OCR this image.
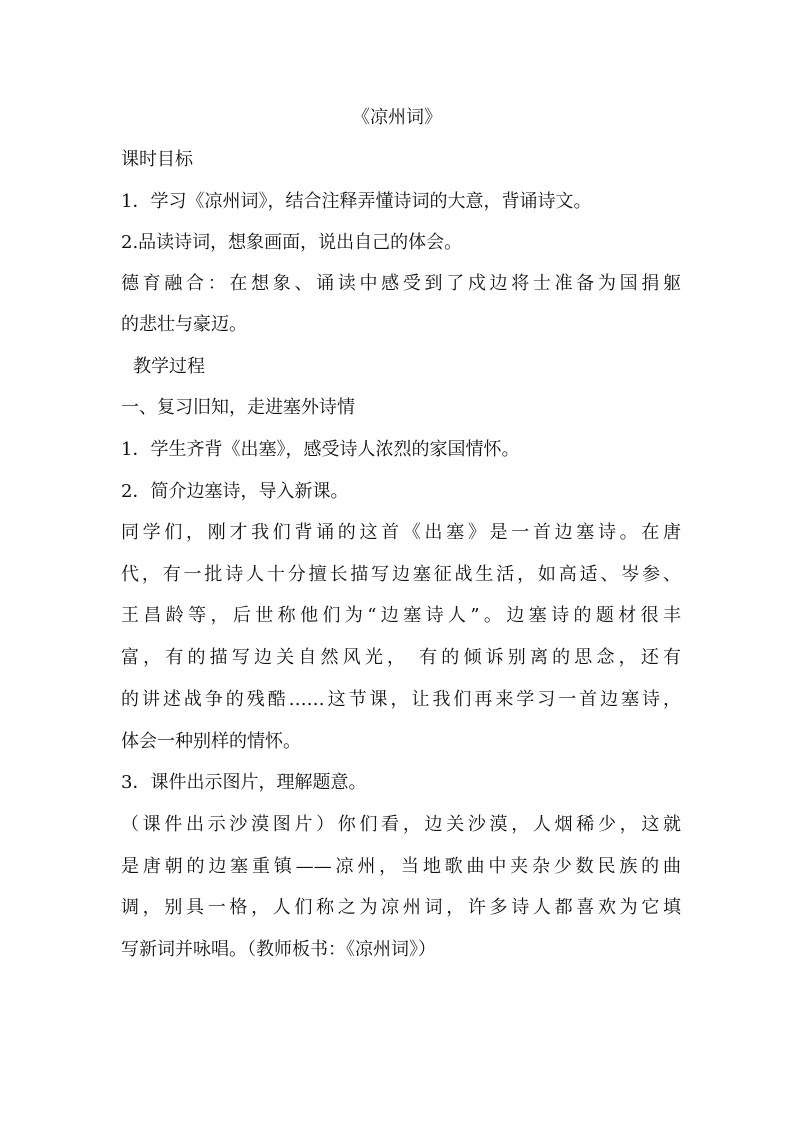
《凉州词》
课时目标
1．学习《凉州词》，结合注释弄懂诗词的大意，背诵诗文。
2.品读诗词，想象画面，说出自己的体会。
德育融合：在想象、诵读中感受到了戍边将士准备为国捐躯
的悲壮与豪迈。
教学过程
一、复习旧知，走进塞外诗情
1．学生齐背《出塞》，感受诗人浓烈的家国情怀。
2．简介边塞诗，导入新课。
同学们，刚才我们背诵的这首《出塞》是一首边塞诗。在唐
代，有一批诗人十分擅长描写边塞征战生活，如高适、岑参、
王昌龄等，后世称他们为“边塞诗人”。边塞诗的题材很丰
富，有的描写边关自然风光， 有的倾诉别离的思念，还有
的讲述战争的残酷……这节课，让我们再来学习一首边塞诗，
体会一种别样的情怀。
3．课件出示图片，理解题意。
（课件出示沙漠图片）你们看，边关沙漠，人烟稀少，这就
是唐朝的边塞重镇——凉州，当地歌曲中夹杂少数民族的曲
调，别具一格，人们称之为凉州词，许多诗人都喜欢为它填
写新词并咏唱。（教师板书：《凉州词》）
